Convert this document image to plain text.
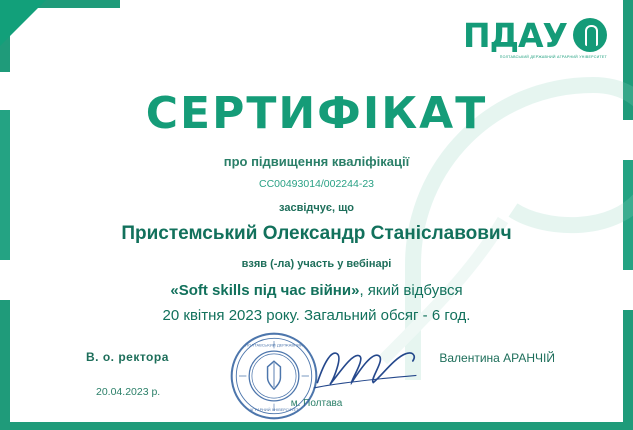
ПДАУ
ПОЛТАВСЬКИЙ ДЕРЖАВНИЙ АГРАРНИЙ УНІВЕРСИТЕТ
СЕРТИФІКАТ
про підвищення кваліфікації
СС00493014/002244-23
засвідчує, що
Пристемський Олександр Станіславович
взяв (-ла) участь у вебінарі
«Soft skills під час війни», який відбувся
20 квітня 2023 року. Загальний обсяг - 6 год.
В. о. ректора
20.04.2023 р.
Валентина АРАНЧІЙ
м. Полтава
ПОЛТАВСЬКИЙ ДЕРЖАВНИЙ
АГРАРНИЙ УНІВЕРСИТЕТ
